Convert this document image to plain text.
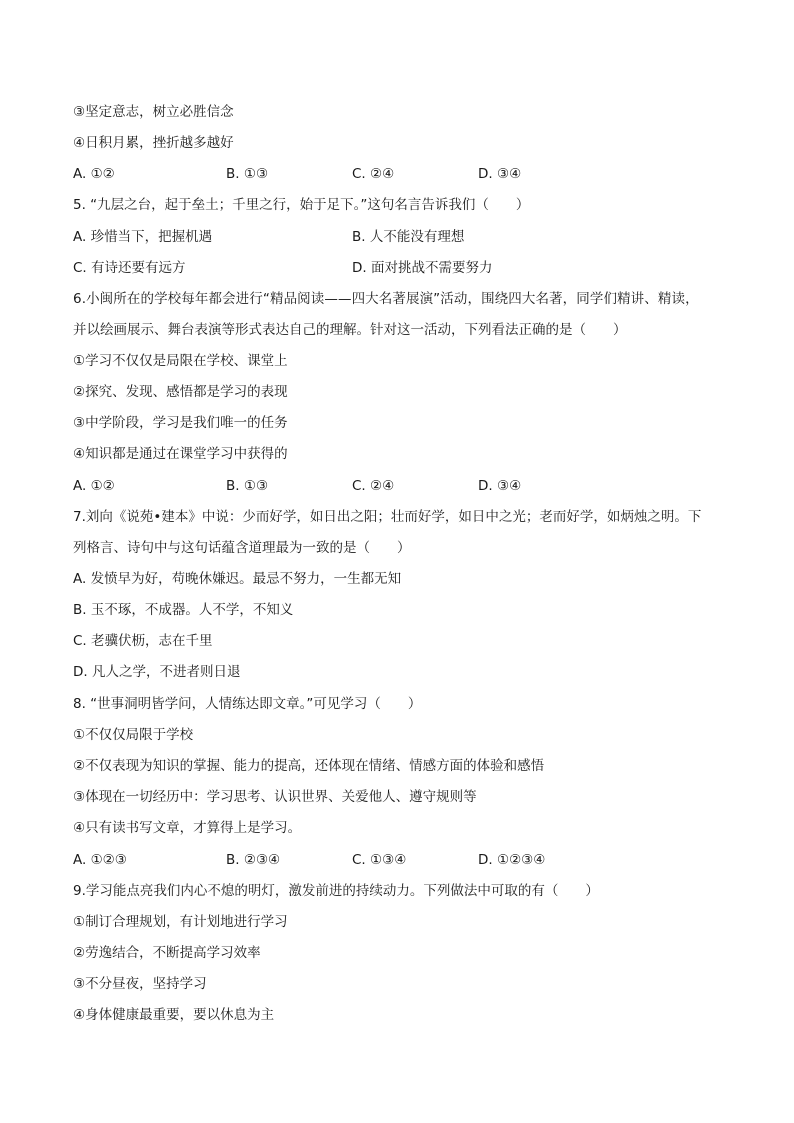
③坚定意志，树立必胜信念
④日积月累，挫折越多越好
A. ①②	B. ①③	C. ②④	D. ③④
5. “九层之台，起于垒土；千里之行，始于足下。”这句名言告诉我们（　　）
A. 珍惜当下，把握机遇	B. 人不能没有理想
C. 有诗还要有远方	D. 面对挑战不需要努力
6.小闽所在的学校每年都会进行“精品阅读——四大名著展演”活动，围绕四大名著，同学们精讲、精读，
并以绘画展示、舞台表演等形式表达自己的理解。针对这一活动，下列看法正确的是（　　）
①学习不仅仅是局限在学校、课堂上
②探究、发现、感悟都是学习的表现
③中学阶段，学习是我们唯一的任务
④知识都是通过在课堂学习中获得的
A. ①②	B. ①③	C. ②④	D. ③④
7.刘向《说苑•建本》中说：少而好学，如日出之阳；壮而好学，如日中之光；老而好学，如炳烛之明。下
列格言、诗句中与这句话蕴含道理最为一致的是（　　）
A. 发愤早为好，苟晚休嫌迟。最忌不努力，一生都无知
B. 玉不琢，不成器。人不学，不知义
C. 老骥伏枥，志在千里
D. 凡人之学，不进者则日退
8. “世事洞明皆学问，人情练达即文章。”可见学习（　　）
①不仅仅局限于学校
②不仅表现为知识的掌握、能力的提高，还体现在情绪、情感方面的体验和感悟
③体现在一切经历中：学习思考、认识世界、关爱他人、遵守规则等
④只有读书写文章，才算得上是学习。
A. ①②③	B. ②③④	C. ①③④	D. ①②③④
9.学习能点亮我们内心不熄的明灯，激发前进的持续动力。下列做法中可取的有（　　）
①制订合理规划，有计划地进行学习
②劳逸结合，不断提高学习效率
③不分昼夜，坚持学习
④身体健康最重要，要以休息为主
